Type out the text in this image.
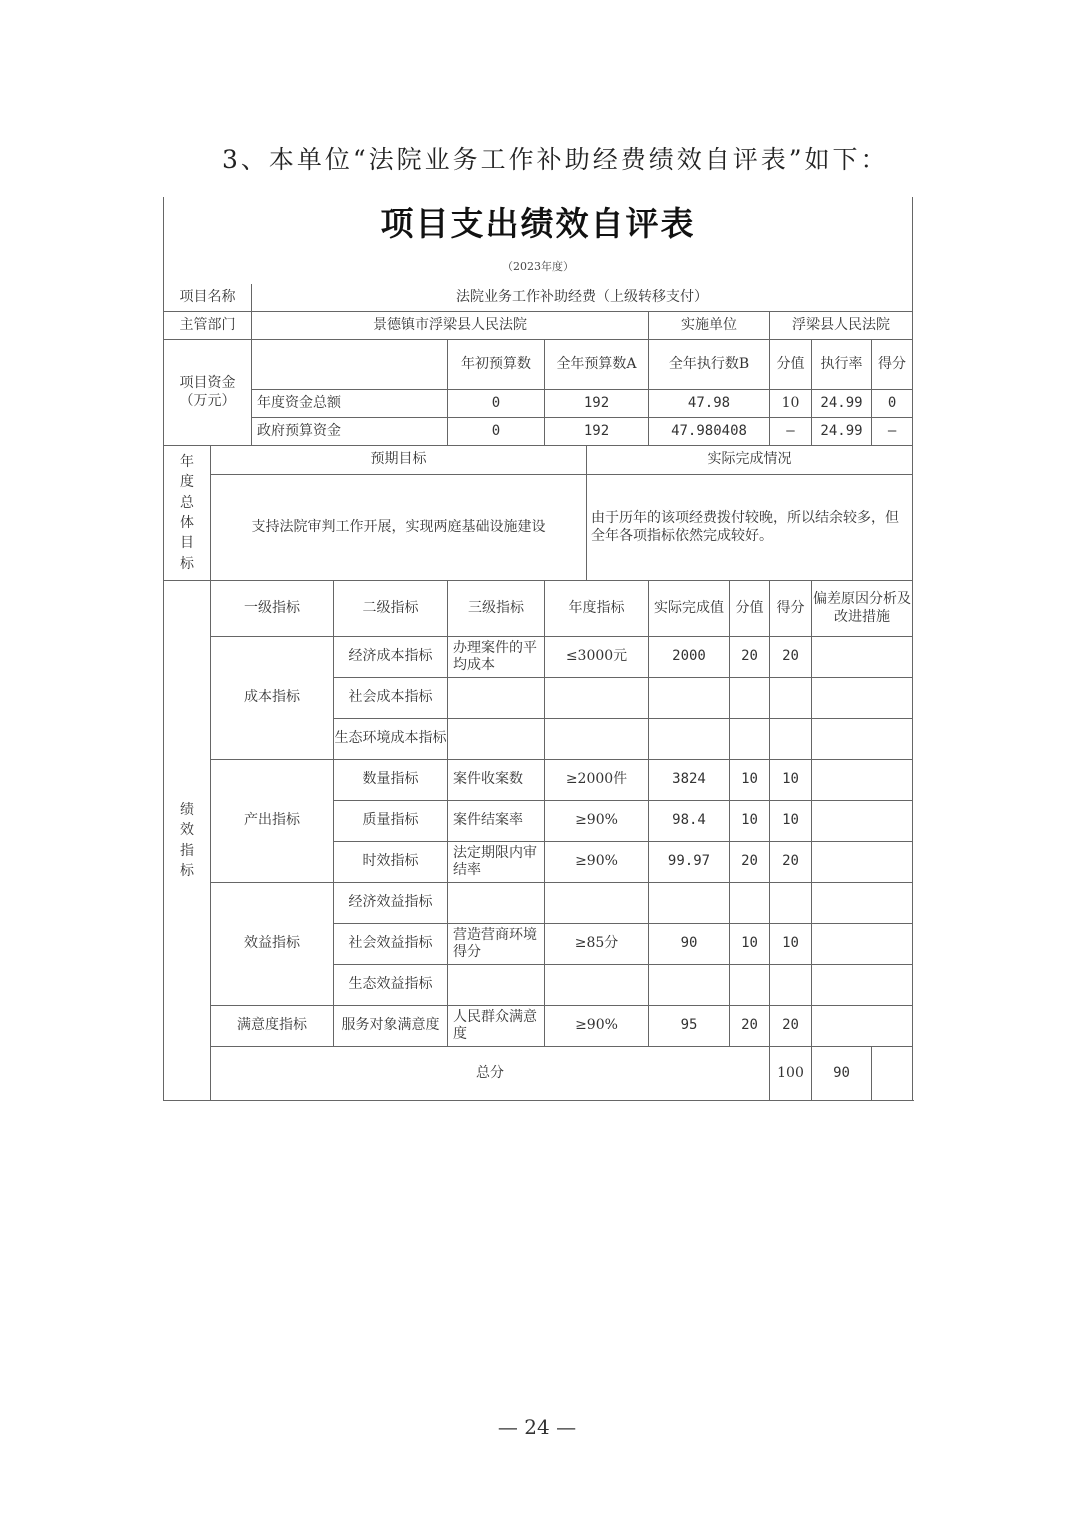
3、本单位“法院业务工作补助经费绩效自评表”如下：
项目支出绩效自评表											
（2023年度）											
项目名称		法院业务工作补助经费（上级转移支付）									
主管部门		景德镇市浮梁县人民法院					实施单位		浮梁县人民法院		
项目资金
（万元）				年初预算数	全年预算数A		全年执行数B		分值	执行率	得分
		年度资金总额		0	192		47.98		10	24.99	0
		政府预算资金		0	192		47.980408		—	24.99	—

年度总体目标	预期目标					实际完成情况					
	支持法院审判工作开展，实现两庭基础设施建设					由于历年的该项经费拨付较晚，所以结余较多，但全年各项指标依然完成较好。					

绩效指标	一级指标		二级指标	三级指标	年度指标		实际完成值	分值	得分	偏差原因分析及改进措施	
	成本指标		经济成本指标	办理案件的平均成本	≤3000元		2000	20	20		
			社会成本指标								
			生态环境成本指标								
	产出指标		数量指标	案件收案数	≥2000件		3824	10	10		
			质量指标	案件结案率	≥90%		98.4	10	10		
			时效指标	法定期限内审结率	≥90%		99.97	20	20		
	效益指标		经济效益指标								
			社会效益指标	营造营商环境得分	≥85分		90	10	10		
			生态效益指标								
	满意度指标		服务对象满意度	人民群众满意度	≥90%		95	20	20		
	总分								100	90	
— 24 —
